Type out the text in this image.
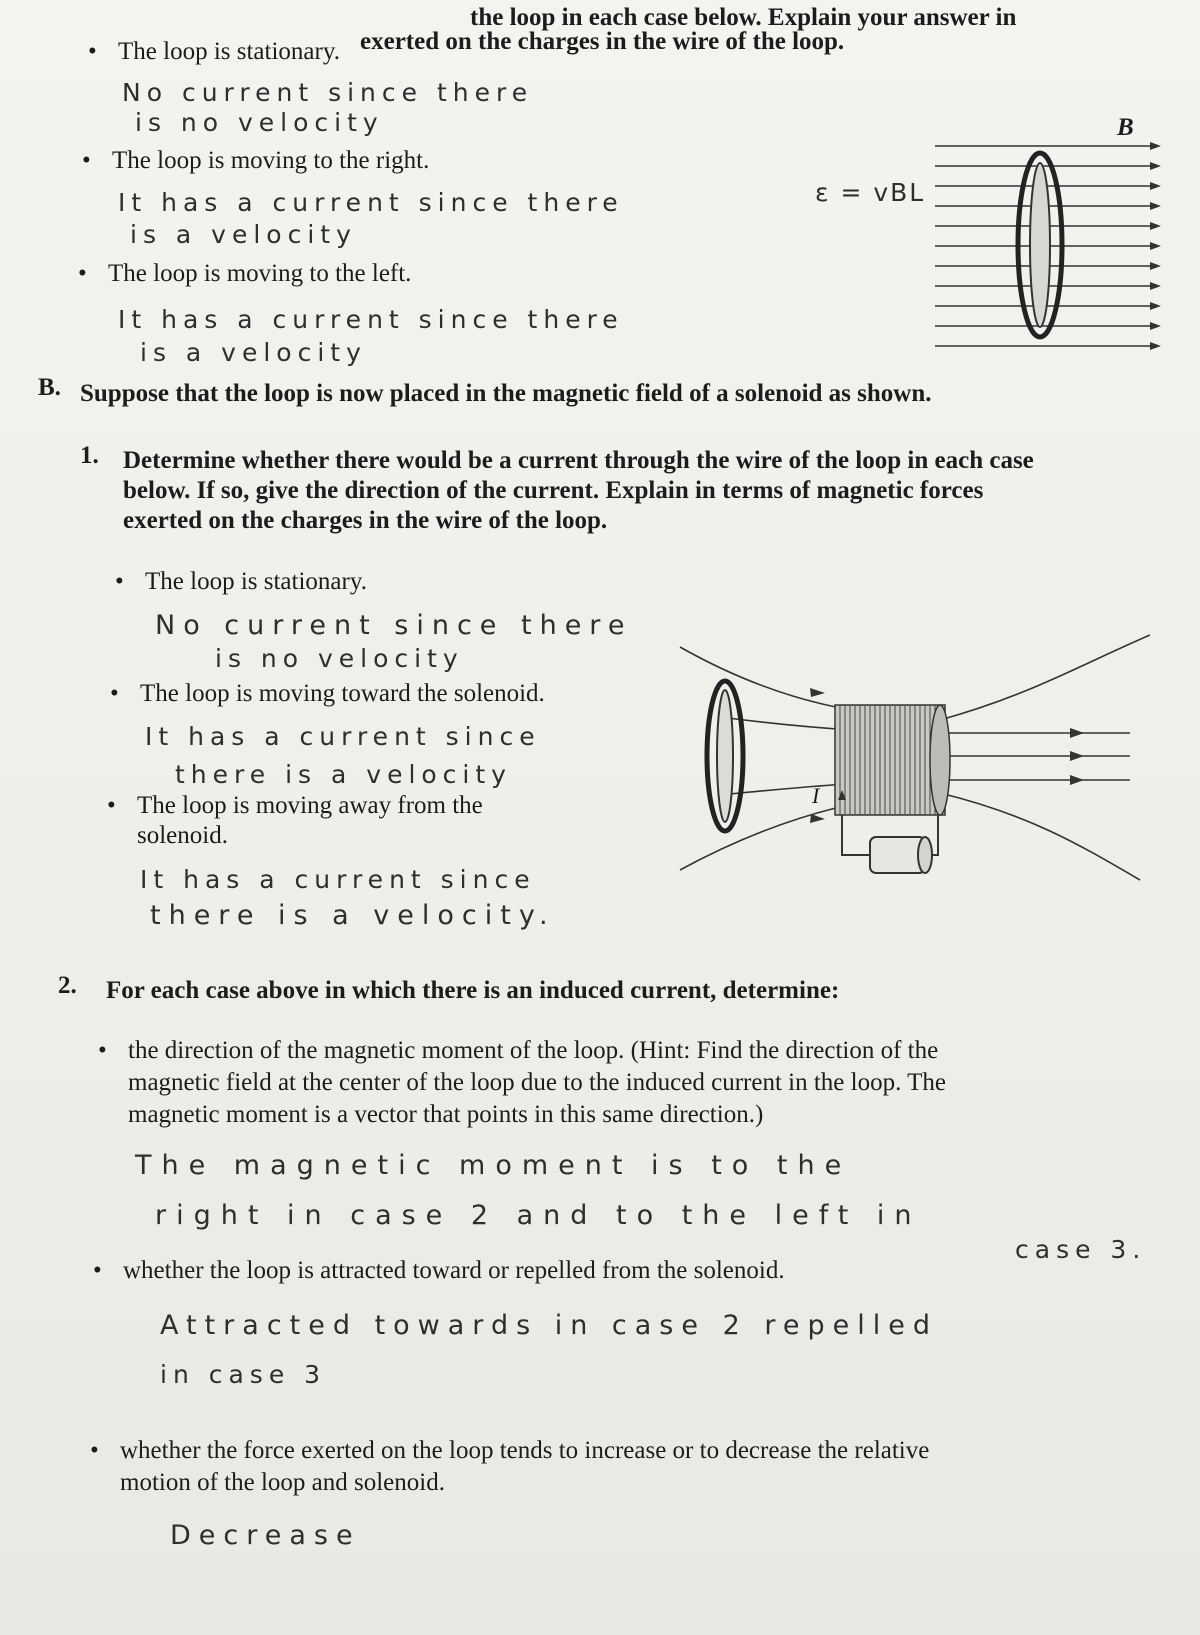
the loop in each case below. Explain your answer in
exerted on the charges in the wire of the loop.
• The loop is stationary.
No current since there
is no velocity
• The loop is moving to the right.
It has a current since there
is a velocity
ε = vBL
• The loop is moving to the left.
It has a current since there
is a velocity
B
B. Suppose that the loop is now placed in the magnetic field of a solenoid as shown.
1. Determine whether there would be a current through the wire of the loop in each case
below. If so, give the direction of the current. Explain in terms of magnetic forces
exerted on the charges in the wire of the loop.
• The loop is stationary.
No current since there
is no velocity
• The loop is moving toward the solenoid.
It has a current since
there is a velocity
• The loop is moving away from the
solenoid.
It has a current since
there is a velocity.
I
2. For each case above in which there is an induced current, determine:
• the direction of the magnetic moment of the loop. (Hint: Find the direction of the
magnetic field at the center of the loop due to the induced current in the loop. The
magnetic moment is a vector that points in this same direction.)
The magnetic moment is to the
right in case 2 and to the left in
case 3.
• whether the loop is attracted toward or repelled from the solenoid.
Attracted towards in case 2 repelled
in case 3
• whether the force exerted on the loop tends to increase or to decrease the relative
motion of the loop and solenoid.
Decrease
